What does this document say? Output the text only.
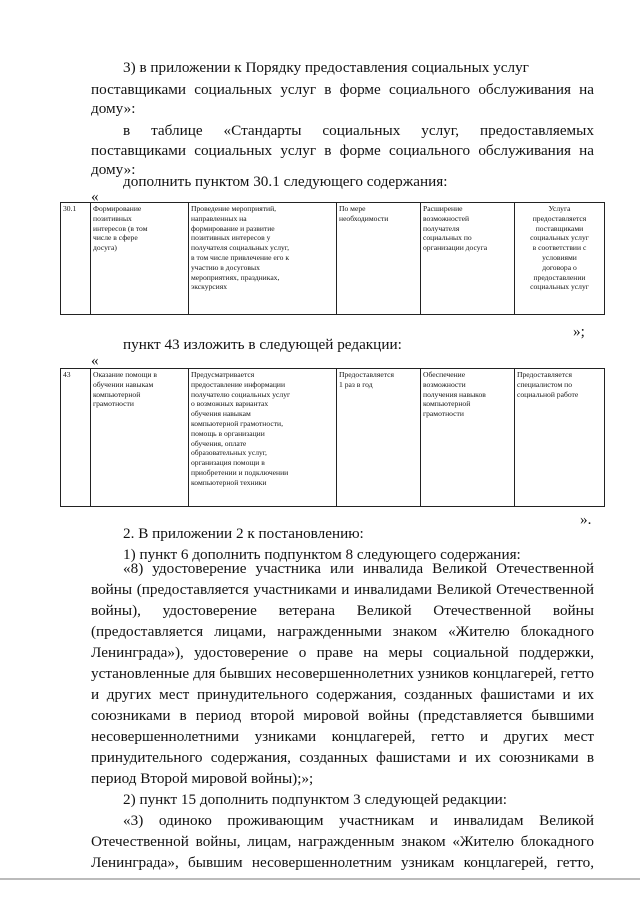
3) в приложении к Порядку предоставления социальных услуг
поставщиками социальных услуг в форме социального обслуживания на
дому»:
в таблице «Стандарты социальных услуг, предоставляемых
поставщиками социальных услуг в форме социального обслуживания на
дому»:
дополнить пунктом 30.1 следующего содержания:
«
30.1	Формирование
позитивных
интересов (в том
числе в сфере
досуга)

Проведение мероприятий,
направленных на
формирование и развитие
позитивных интересов у
получателя социальных услуг,
в том числе привлечение его к
участию в досуговых
мероприятиях, праздниках,
экскурсиях

По мере
необходимости

Расширение
возможностей
получателя
социальных по
организации досуга

Услуга
предоставляется
поставщиками
социальных услуг
в соответствии с
условиями
договора о
предоставлении
социальных услуг
»;
пункт 43 изложить в следующей редакции:
«
43	Оказание помощи в
обучении навыкам
компьютерной
грамотности

Предусматривается
предоставление информации
получателю социальных услуг
о возможных вариантах
обучения навыкам
компьютерной грамотности,
помощь в организации
обучения, оплате
образовательных услуг,
организация помощи в
приобретении и подключении
компьютерной техники

Предоставляется
1 раз в год

Обеспечение
возможности
получения навыков
компьютерной
грамотности

Предоставляется
специалистом по
социальной работе
».
2. В приложении 2 к постановлению:
1) пункт 6 дополнить подпунктом 8 следующего содержания:
«8) удостоверение участника или инвалида Великой Отечественной
войны (предоставляется участниками и инвалидами Великой Отечественной
войны), удостоверение ветерана Великой Отечественной войны
(предоставляется лицами, награжденными знаком «Жителю блокадного
Ленинграда»), удостоверение о праве на меры социальной поддержки,
установленные для бывших несовершеннолетних узников концлагерей, гетто
и других мест принудительного содержания, созданных фашистами и их
союзниками в период второй мировой войны (представляется бывшими
несовершеннолетними узниками концлагерей, гетто и других мест
принудительного содержания, созданных фашистами и их союзниками в
период Второй мировой войны);»;
2) пункт 15 дополнить подпунктом 3 следующей редакции:
«3) одиноко проживающим участникам и инвалидам Великой
Отечественной войны, лицам, награжденным знаком «Жителю блокадного
Ленинграда», бывшим несовершеннолетним узникам концлагерей, гетто,
